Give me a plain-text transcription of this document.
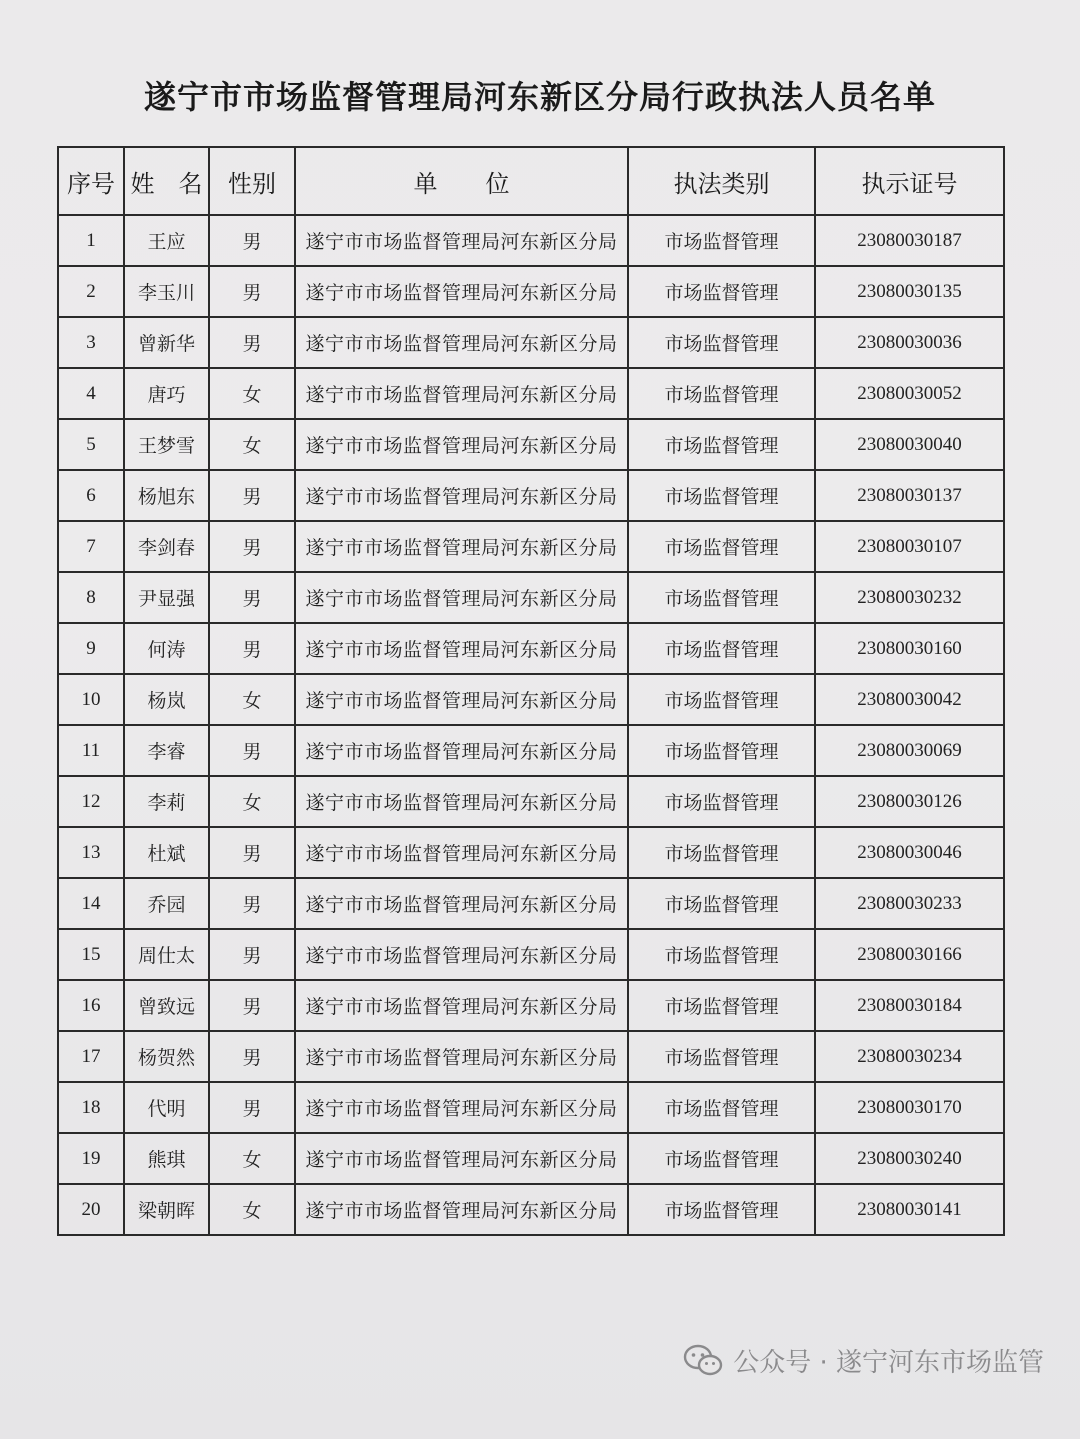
遂宁市市场监督管理局河东新区分局行政执法人员名单
序号	姓　名	性别	单　　位	执法类别	执示证号
1	王应	男	遂宁市市场监督管理局河东新区分局	市场监督管理	23080030187
2	李玉川	男	遂宁市市场监督管理局河东新区分局	市场监督管理	23080030135
3	曾新华	男	遂宁市市场监督管理局河东新区分局	市场监督管理	23080030036
4	唐巧	女	遂宁市市场监督管理局河东新区分局	市场监督管理	23080030052
5	王梦雪	女	遂宁市市场监督管理局河东新区分局	市场监督管理	23080030040
6	杨旭东	男	遂宁市市场监督管理局河东新区分局	市场监督管理	23080030137
7	李剑春	男	遂宁市市场监督管理局河东新区分局	市场监督管理	23080030107
8	尹显强	男	遂宁市市场监督管理局河东新区分局	市场监督管理	23080030232
9	何涛	男	遂宁市市场监督管理局河东新区分局	市场监督管理	23080030160
10	杨岚	女	遂宁市市场监督管理局河东新区分局	市场监督管理	23080030042
11	李睿	男	遂宁市市场监督管理局河东新区分局	市场监督管理	23080030069
12	李莉	女	遂宁市市场监督管理局河东新区分局	市场监督管理	23080030126
13	杜斌	男	遂宁市市场监督管理局河东新区分局	市场监督管理	23080030046
14	乔园	男	遂宁市市场监督管理局河东新区分局	市场监督管理	23080030233
15	周仕太	男	遂宁市市场监督管理局河东新区分局	市场监督管理	23080030166
16	曾致远	男	遂宁市市场监督管理局河东新区分局	市场监督管理	23080030184
17	杨贺然	男	遂宁市市场监督管理局河东新区分局	市场监督管理	23080030234
18	代明	男	遂宁市市场监督管理局河东新区分局	市场监督管理	23080030170
19	熊琪	女	遂宁市市场监督管理局河东新区分局	市场监督管理	23080030240
20	梁朝晖	女	遂宁市市场监督管理局河东新区分局	市场监督管理	23080030141
公众号 · 遂宁河东市场监管
